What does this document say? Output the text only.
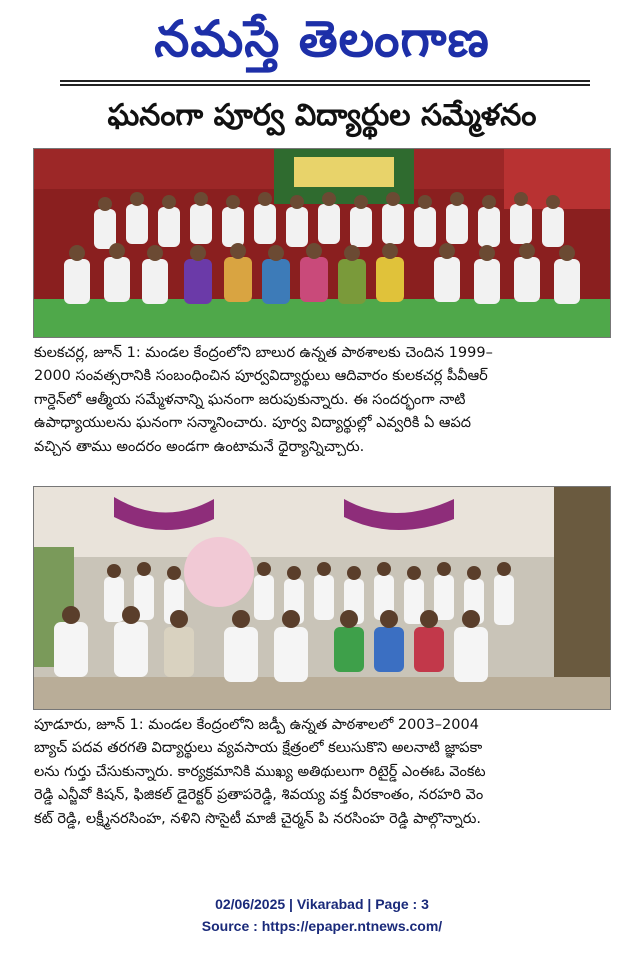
నమస్తే తెలంగాణ
ఘనంగా పూర్వ విద్యార్థుల సమ్మేళనం
కులకచర్ల, జూన్ 1: మండల కేంద్రంలోని బాలుర ఉన్నత పాఠశాలకు చెందిన 1999–
2000 సంవత్సరానికి సంబంధించిన పూర్వవిద్యార్థులు ఆదివారం కులకచర్ల పీవీఆర్
గార్డెన్‌లో ఆత్మీయ సమ్మేళనాన్ని ఘనంగా జరుపుకున్నారు. ఈ సందర్భంగా నాటి
ఉపాధ్యాయులను ఘనంగా సన్మానించారు. పూర్వ విద్యార్థుల్లో ఎవ్వరికి ఏ ఆపద
వచ్చిన తాము అందరం అండగా ఉంటామనే ధైర్యాన్నిచ్చారు.
పూడూరు, జూన్ 1: మండల కేంద్రంలోని జడ్పీ ఉన్నత పాఠశాలలో 2003–2004
బ్యాచ్ పదవ తరగతి విద్యార్థులు వ్యవసాయ క్షేత్రంలో కలుసుకొని అలనాటి జ్ఞాపకా
లను గుర్తు చేసుకున్నారు. కార్యక్రమానికి ముఖ్య అతిథులుగా రిటైర్డ్ ఎంఈఓ వెంకట
రెడ్డి ఎన్జీవో కిషన్, ఫిజికల్ డైరెక్టర్ ప్రతాపరెడ్డి, శివయ్య వక్త వీరకాంతం, నరహరి వెం
కట్ రెడ్డి, లక్ష్మీనరసింహ, నళిని సొసైటీ మాజీ చైర్మన్ పి నరసింహ రెడ్డి పాల్గొన్నారు.
02/06/2025 | Vikarabad | Page : 3
Source : https://epaper.ntnews.com/
